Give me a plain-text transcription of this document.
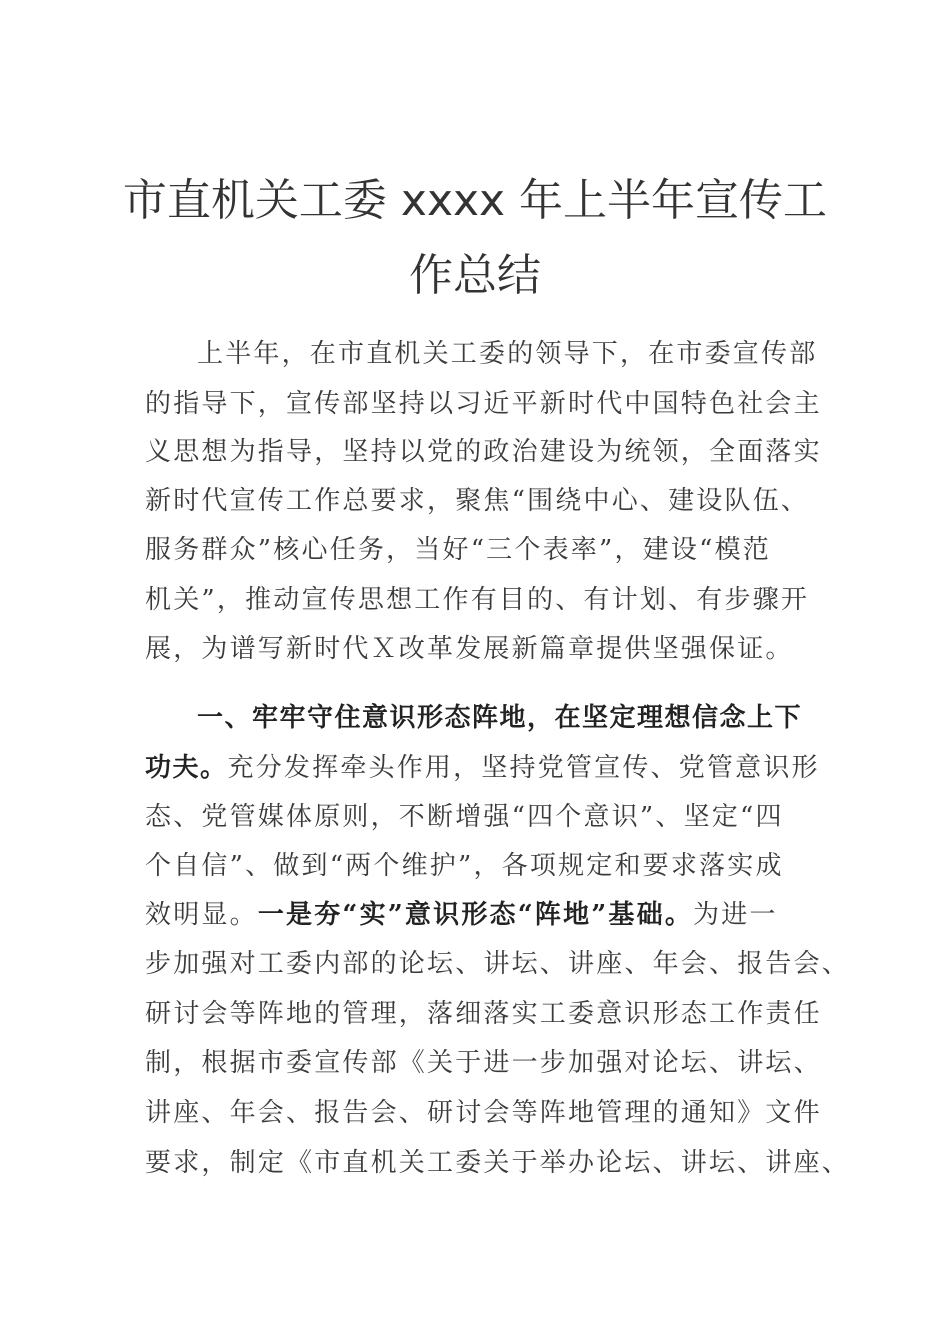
市直机关工委 xxxx 年上半年宣传工
作总结

上半年，在市直机关工委的领导下，在市委宣传部

的指导下，宣传部坚持以习近平新时代中国特色社会主

义思想为指导，坚持以党的政治建设为统领，全面落实

新时代宣传工作总要求，聚焦“围绕中心、建设队伍、

服务群众”核心任务，当好“三个表率”，建设“模范

机关”，推动宣传思想工作有目的、有计划、有步骤开

展，为谱写新时代Ｘ改革发展新篇章提供坚强保证。

一、牢牢守住意识形态阵地，在坚定理想信念上下

功夫。充分发挥牵头作用，坚持党管宣传、党管意识形

态、党管媒体原则，不断增强“四个意识”、坚定“四

个自信”、做到“两个维护”，各项规定和要求落实成

效明显。一是夯“实”意识形态“阵地”基础。为进一

步加强对工委内部的论坛、讲坛、讲座、年会、报告会、

研讨会等阵地的管理，落细落实工委意识形态工作责任

制，根据市委宣传部《关于进一步加强对论坛、讲坛、

讲座、年会、报告会、研讨会等阵地管理的通知》文件

要求，制定《市直机关工委关于举办论坛、讲坛、讲座、
